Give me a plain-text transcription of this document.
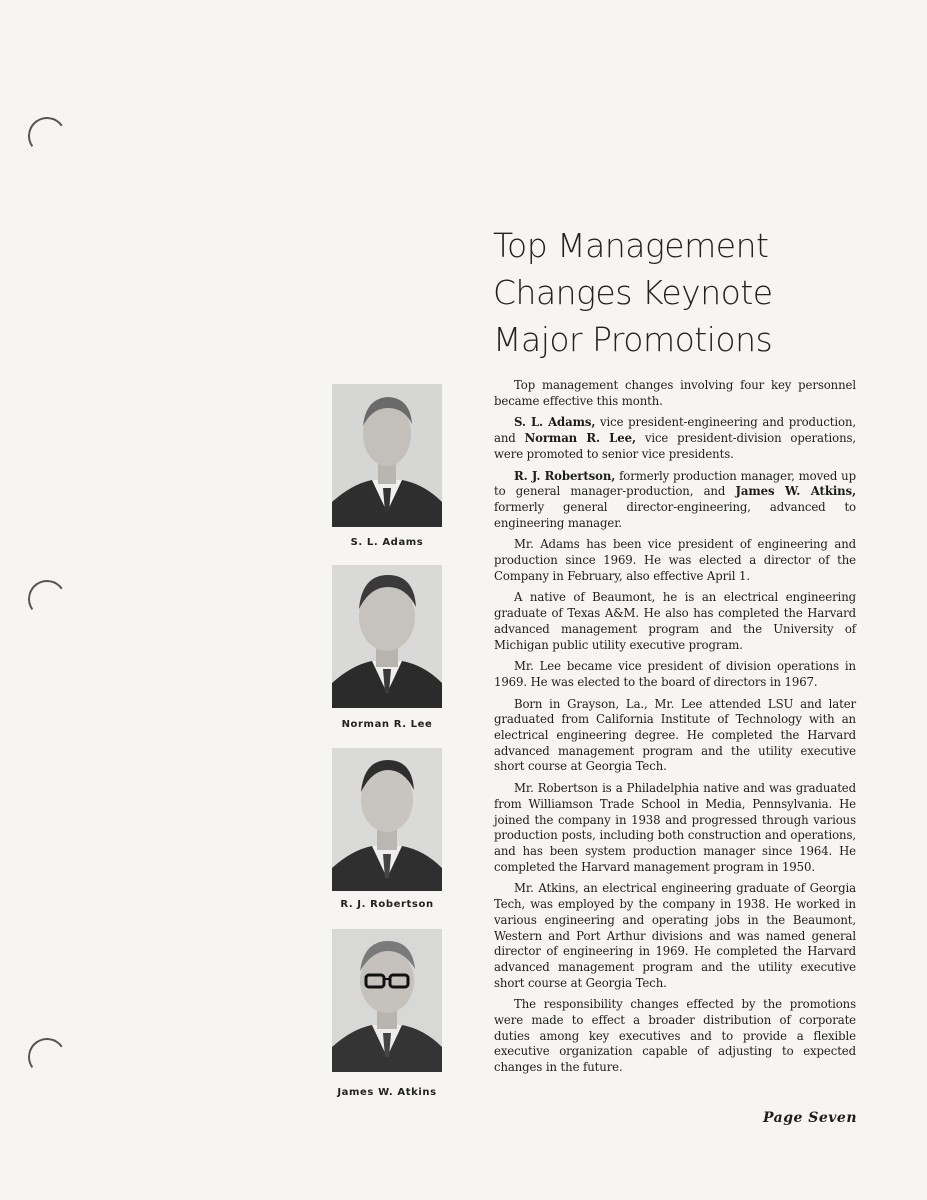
Top Management
Changes Keynote
Major Promotions
S. L. Adams
Norman R. Lee
R. J. Robertson
James W. Atkins

Top management changes involving four key personnel became effective this month.

S. L. Adams, vice president-engineering and production, and Norman R. Lee, vice president-division operations, were promoted to senior vice presidents.

R. J. Robertson, formerly production manager, moved up to general manager-production, and James W. Atkins, formerly general director-engineering, advanced to engineering manager.

Mr. Adams has been vice president of engineering and production since 1969. He was elected a director of the Company in February, also effective April 1.

A native of Beaumont, he is an electrical engineering graduate of Texas A&M. He also has completed the Harvard advanced management program and the University of Michigan public utility executive program.

Mr. Lee became vice president of division operations in 1969. He was elected to the board of directors in 1967.

Born in Grayson, La., Mr. Lee attended LSU and later graduated from California Institute of Technology with an electrical engineering degree. He completed the Harvard advanced management program and the utility executive short course at Georgia Tech.

Mr. Robertson is a Philadelphia native and was graduated from Williamson Trade School in Media, Pennsylvania. He joined the company in 1938 and progressed through various production posts, including both construction and operations, and has been system production manager since 1964. He completed the Harvard management program in 1950.

Mr. Atkins, an electrical engineering graduate of Georgia Tech, was employed by the company in 1938. He worked in various engineering and operating jobs in the Beaumont, Western and Port Arthur divisions and was named general director of engineering in 1969. He completed the Harvard advanced management program and the utility executive short course at Georgia Tech.

The responsibility changes effected by the promotions were made to effect a broader distribution of corporate duties among key executives and to provide a flexible executive organization capable of adjusting to expected changes in the future.

Page Seven
